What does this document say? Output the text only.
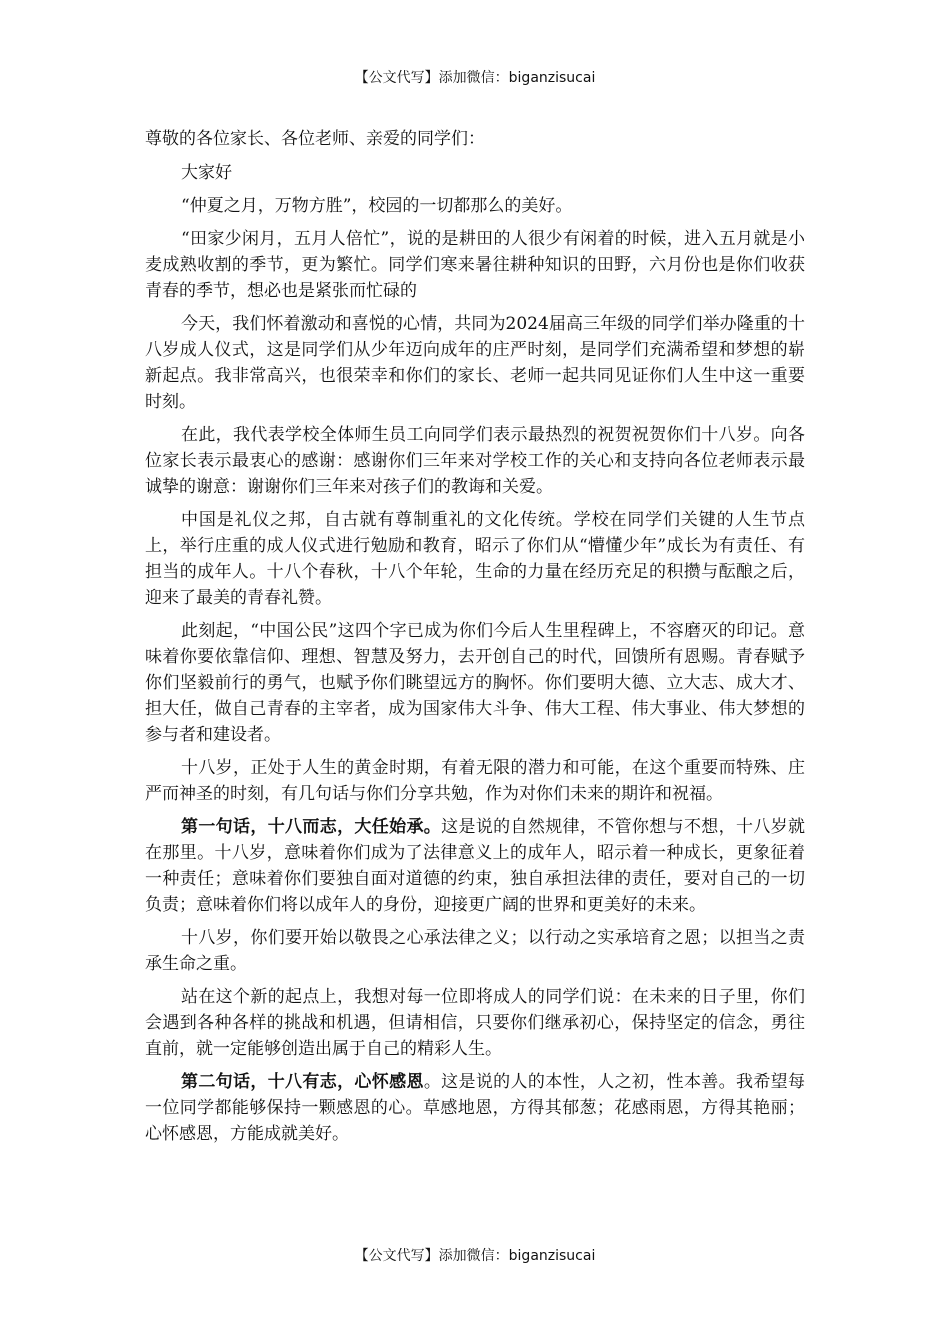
【公文代写】添加微信：biganzisucai

尊敬的各位家长、各位老师、亲爱的同学们：

大家好

“仲夏之月，万物方胜”，校园的一切都那么的美好。

“田家少闲月，五月人倍忙”，说的是耕田的人很少有闲着的时候，进入五月就是小麦成熟收割的季节，更为繁忙。同学们寒来暑往耕种知识的田野，六月份也是你们收获青春的季节，想必也是紧张而忙碌的

今天，我们怀着激动和喜悦的心情，共同为2024届高三年级的同学们举办隆重的十八岁成人仪式，这是同学们从少年迈向成年的庄严时刻，是同学们充满希望和梦想的崭新起点。我非常高兴，也很荣幸和你们的家长、老师一起共同见证你们人生中这一重要时刻。

在此，我代表学校全体师生员工向同学们表示最热烈的祝贺祝贺你们十八岁。向各位家长表示最衷心的感谢：感谢你们三年来对学校工作的关心和支持向各位老师表示最诚挚的谢意：谢谢你们三年来对孩子们的教诲和关爱。

中国是礼仪之邦，自古就有尊制重礼的文化传统。学校在同学们关键的人生节点上，举行庄重的成人仪式进行勉励和教育，昭示了你们从“懵懂少年”成长为有责任、有担当的成年人。十八个春秋，十八个年轮，生命的力量在经历充足的积攒与酝酿之后，迎来了最美的青春礼赞。

此刻起，“中国公民”这四个字已成为你们今后人生里程碑上，不容磨灭的印记。意味着你要依靠信仰、理想、智慧及努力，去开创自己的时代，回馈所有恩赐。青春赋予你们坚毅前行的勇气，也赋予你们眺望远方的胸怀。你们要明大德、立大志、成大才、担大任，做自己青春的主宰者，成为国家伟大斗争、伟大工程、伟大事业、伟大梦想的参与者和建设者。

十八岁，正处于人生的黄金时期，有着无限的潜力和可能，在这个重要而特殊、庄严而神圣的时刻，有几句话与你们分享共勉，作为对你们未来的期许和祝福。

第一句话，十八而志，大任始承。这是说的自然规律，不管你想与不想，十八岁就在那里。十八岁，意味着你们成为了法律意义上的成年人，昭示着一种成长，更象征着一种责任；意味着你们要独自面对道德的约束，独自承担法律的责任，要对自己的一切负责；意味着你们将以成年人的身份，迎接更广阔的世界和更美好的未来。

十八岁，你们要开始以敬畏之心承法律之义；以行动之实承培育之恩；以担当之责承生命之重。

站在这个新的起点上，我想对每一位即将成人的同学们说：在未来的日子里，你们会遇到各种各样的挑战和机遇，但请相信，只要你们继承初心，保持坚定的信念，勇往直前，就一定能够创造出属于自己的精彩人生。

第二句话，十八有志，心怀感恩。这是说的人的本性，人之初，性本善。我希望每一位同学都能够保持一颗感恩的心。草感地恩，方得其郁葱；花感雨恩，方得其艳丽；心怀感恩，方能成就美好。

【公文代写】添加微信：biganzisucai
